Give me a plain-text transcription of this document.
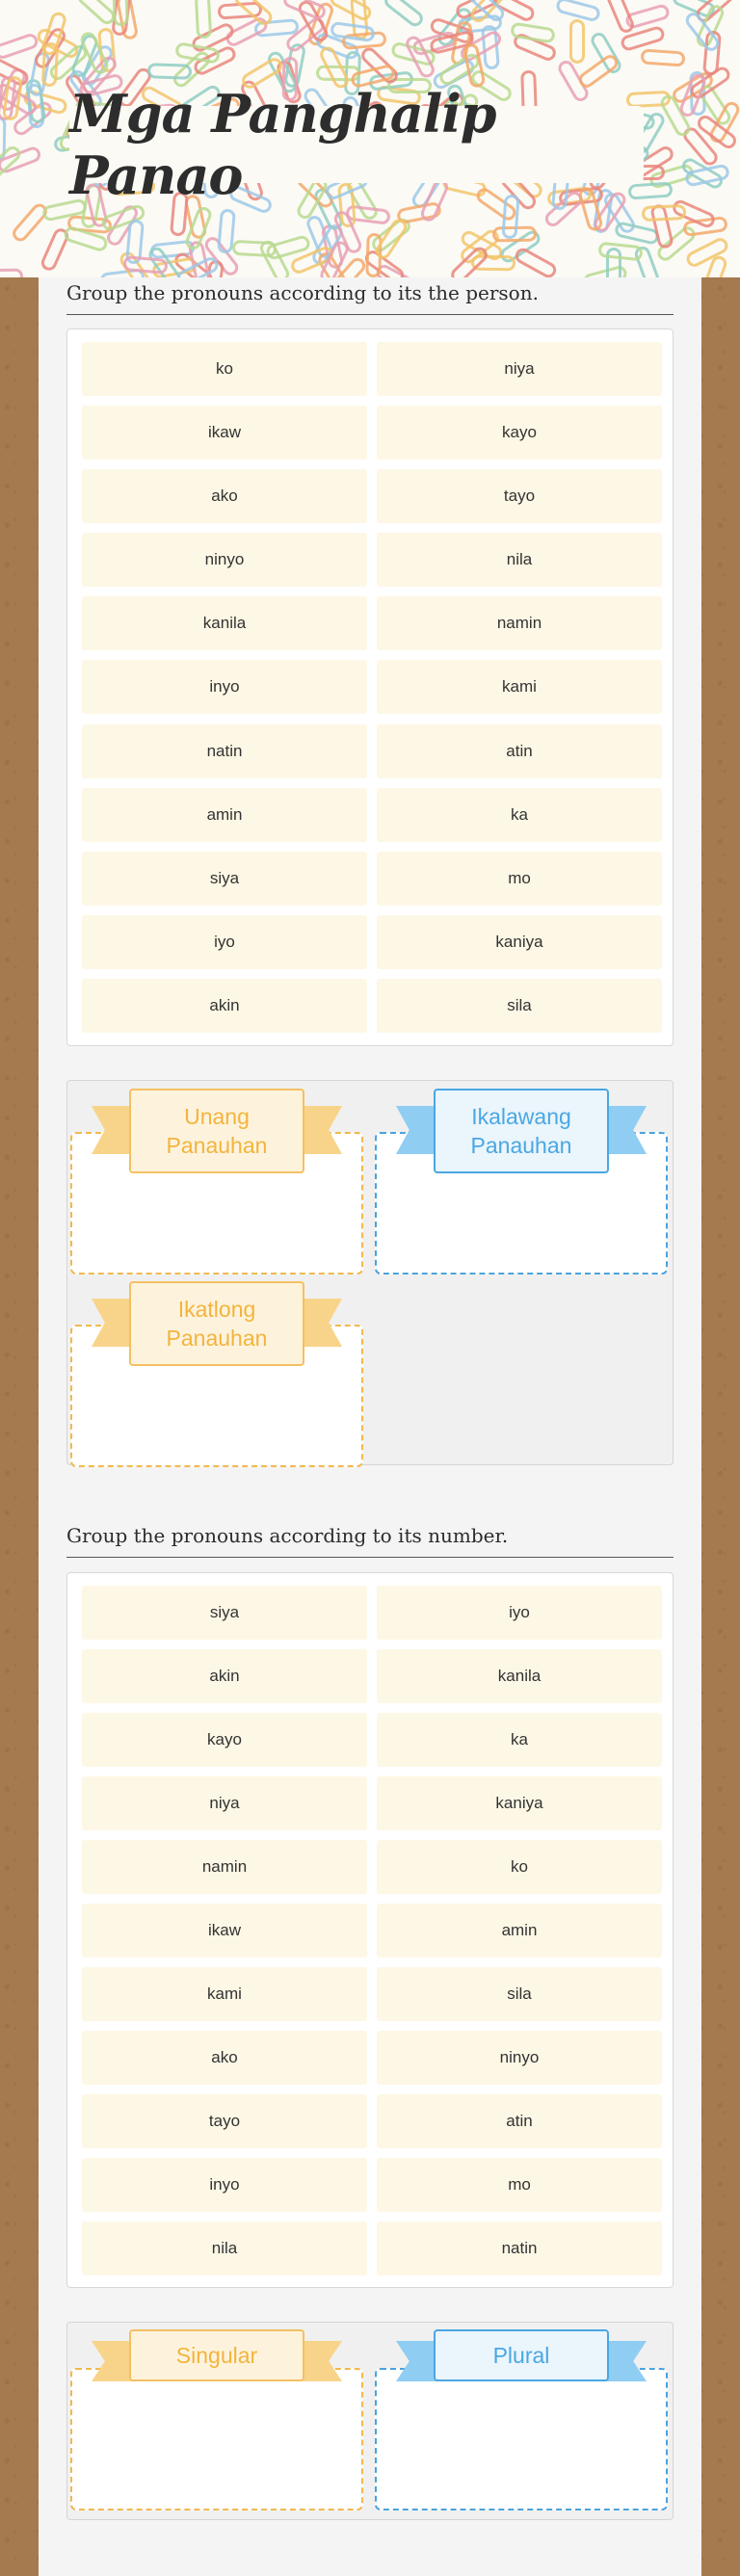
Mga Panghalip Panao
Group the pronouns according to its the person.
ko	niya
ikaw	kayo
ako	tayo
ninyo	nila
kanila	namin
inyo	kami
natin	atin
amin	ka
siya	mo
iyo	kaniya
akin	sila
Unang Panauhan
Ikalawang Panauhan
Ikatlong Panauhan
Group the pronouns according to its number.
siya	iyo
akin	kanila
kayo	ka
niya	kaniya
namin	ko
ikaw	amin
kami	sila
ako	ninyo
tayo	atin
inyo	mo
nila	natin
Singular	Plural
